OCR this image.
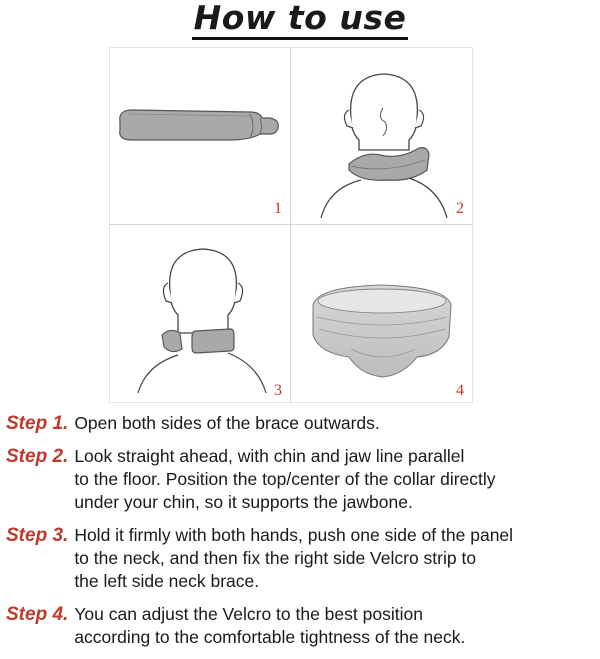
How to use
1	2
3	4
Step 1. Open both sides of the brace outwards.
Step 2. Look straight ahead, with chin and jaw line parallel
to the floor. Position the top/center of the collar directly
under your chin, so it supports the jawbone.
Step 3. Hold it firmly with both hands, push one side of the panel
to the neck, and then fix the right side Velcro strip to
the left side neck brace.
Step 4. You can adjust the Velcro to the best position
according to the comfortable tightness of the neck.
